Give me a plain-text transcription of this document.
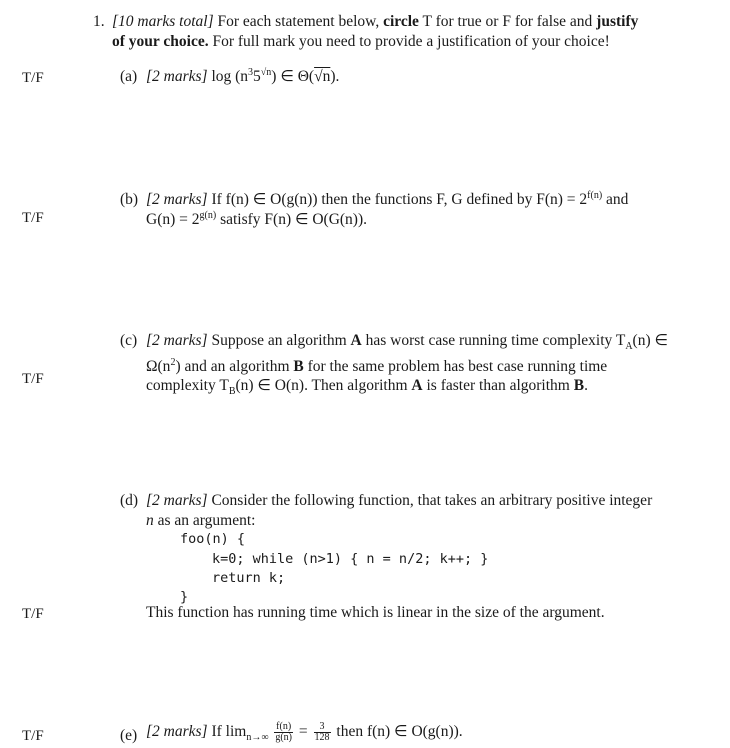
T/F
T/F
T/F
T/F
T/F
1. [10 marks total] For each statement below, circle T for true or F for false and justify
of your choice. For full mark you need to provide a justification of your choice!
(a) [2 marks] $\log (n^35^{√n})$ ∈ Θ(√n).
(b) [2 marks] If f(n) ∈ O(g(n)) then the functions F, G defined by $F(n) = 2^{f(n)}$ and
$G(n) = 2^{g(n)}$ satisfy F(n) ∈ O(G(n)).
(c) [2 marks] Suppose an algorithm A has worst case running time complexity $T_A(n)$ ∈
$\Omega(n^2)$ and an algorithm B for the same problem has best case running time
complexity $T_B(n)$ ∈ O(n). Then algorithm A is faster than algorithm B.
(d) [2 marks] Consider the following function, that takes an arbitrary positive integer
n as an argument:
foo(n) {
k=0; while (n>1) { n = n/2; k++; }
return k;
}
This function has running time which is linear in the size of the argument.
(e) [2 marks] If $\lim_{n\to\infty} \frac{f(n)}{g(n)} = \frac{3}{128}$ then f(n) ∈ O(g(n)).
